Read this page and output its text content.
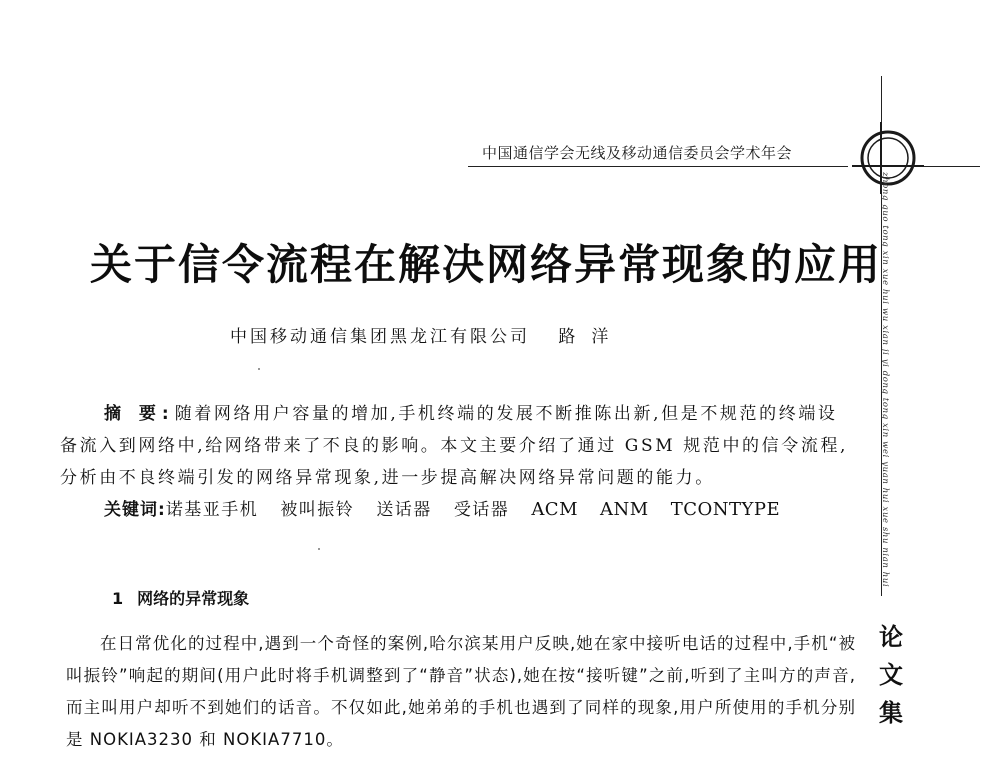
中国通信学会无线及移动通信委员会学术年会
zhong guo tong xin xue hui wu xian ji yi dong tong xin wei yuan hui xue shu nian hui
论
文
集
关于信令流程在解决网络异常现象的应用
中国移动通信集团黑龙江有限公司 路洋

摘 要:随着网络用户容量的增加,手机终端的发展不断推陈出新,但是不规范的终端设备流入到网络中,给网络带来了不良的影响。本文主要介绍了通过 GSM 规范中的信令流程,分析由不良终端引发的网络异常现象,进一步提高解决网络异常问题的能力。

关键词:诺基亚手机 被叫振铃 送话器 受话器 ACM ANM TCONTYPE
1 网络的异常现象

在日常优化的过程中,遇到一个奇怪的案例,哈尔滨某用户反映,她在家中接听电话的过程中,手机“被叫振铃”响起的期间(用户此时将手机调整到了“静音”状态),她在按“接听键”之前,听到了主叫方的声音,而主叫用户却听不到她们的话音。不仅如此,她弟弟的手机也遇到了同样的现象,用户所使用的手机分别是 NOKIA3230 和 NOKIA7710。
